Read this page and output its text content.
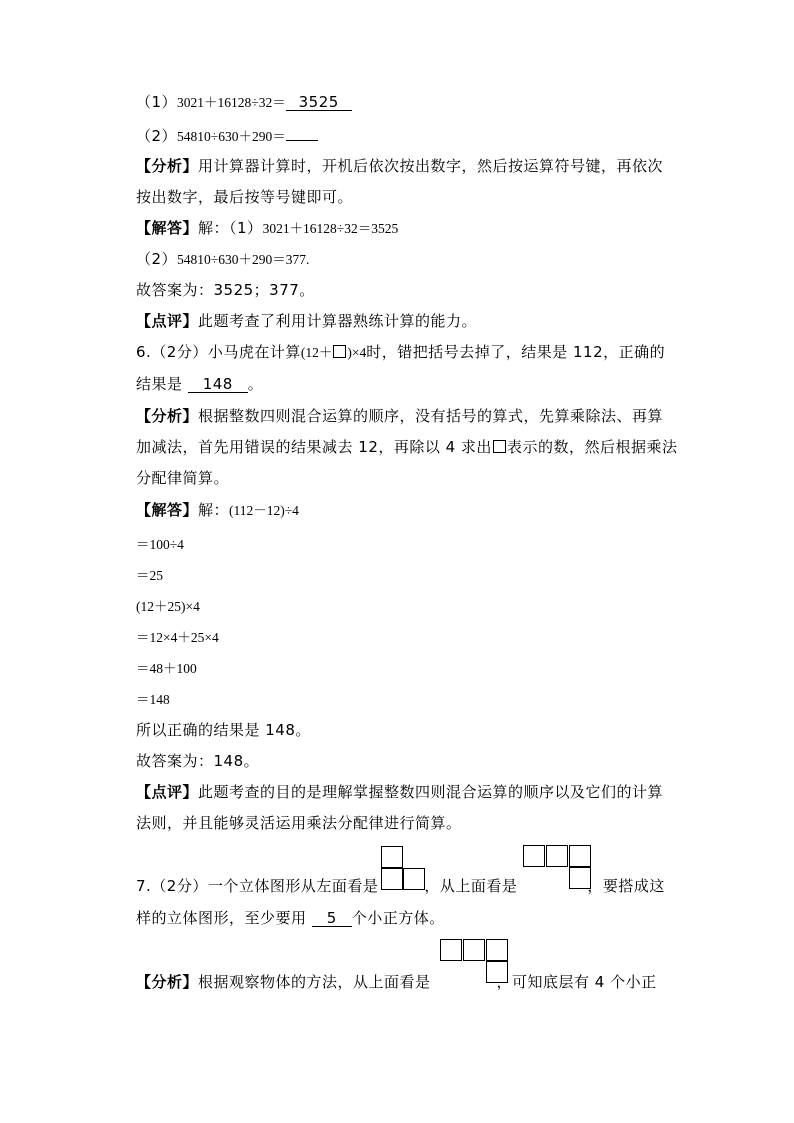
（1）3021＋16128÷32＝ 3525
（2）54810÷630＋290＝
【分析】用计算器计算时，开机后依次按出数字，然后按运算符号键，再依次
按出数字，最后按等号键即可。
【解答】解：（1）3021＋16128÷32＝3525
（2）54810÷630＋290＝377.
故答案为：3525；377。
【点评】此题考查了利用计算器熟练计算的能力。
6.（2分）小马虎在计算(12＋ )×4时，错把括号去掉了，结果是 112，正确的
结果是 148 。
【分析】根据整数四则混合运算的顺序，没有括号的算式，先算乘除法、再算
加减法，首先用错误的结果减去 12，再除以 4 求出 表示的数，然后根据乘法
分配律简算。
【解答】解：(112－12)÷4
＝100÷4
＝25
(12＋25)×4
＝12×4＋25×4
＝48＋100
＝148
所以正确的结果是 148。
故答案为：148。
【点评】此题考查的目的是理解掌握整数四则混合运算的顺序以及它们的计算
法则，并且能够灵活运用乘法分配律进行简算。
7.（2分）一个立体图形从左面看是	，从上面看是	，要搭成这
样的立体图形，至少要用 5 个小正方体。
【分析】根据观察物体的方法，从上面看是	，可知底层有 4 个小正
